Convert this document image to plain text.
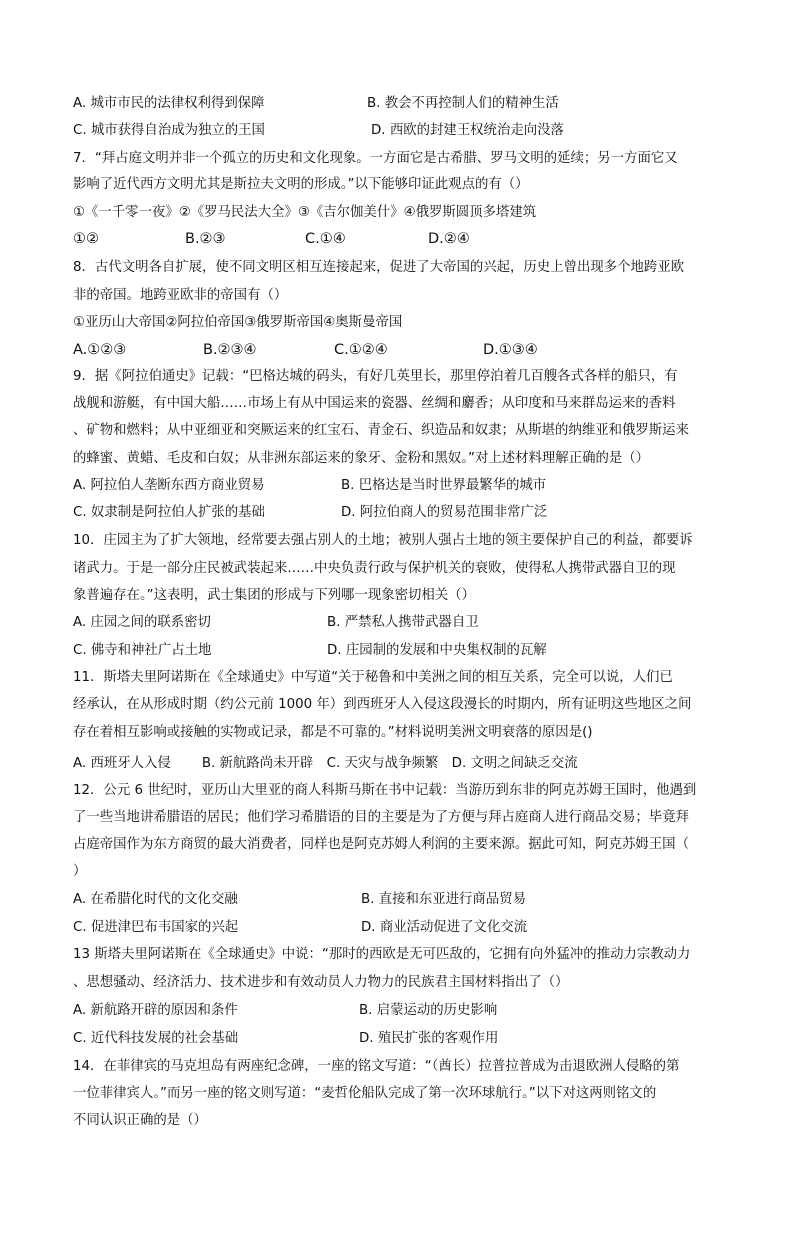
A. 城市市民的法律权利得到保障	B. 教会不再控制人们的精神生活
C. 城市获得自治成为独立的王国	D. 西欧的封建王权统治走向没落
7．“拜占庭文明并非一个孤立的历史和文化现象。一方面它是古希腊、罗马文明的延续；另一方面它又
影响了近代西方文明尤其是斯拉夫文明的形成。”以下能够印证此观点的有（）
①《一千零一夜》②《罗马民法大全》③《吉尔伽美什》④俄罗斯圆顶多塔建筑
①②	B.②③	C.①④	D.②④
8．古代文明各自扩展，使不同文明区相互连接起来，促进了大帝国的兴起，历史上曾出现多个地跨亚欧
非的帝国。地跨亚欧非的帝国有（）
①亚历山大帝国②阿拉伯帝国③俄罗斯帝国④奥斯曼帝国
A.①②③	B.②③④	C.①②④	D.①③④
9．据《阿拉伯通史》记载：“巴格达城的码头，有好几英里长，那里停泊着几百艘各式各样的船只，有
战舰和游艇，有中国大船……市场上有从中国运来的瓷器、丝绸和麝香；从印度和马来群岛运来的香料
、矿物和燃料；从中亚细亚和突厥运来的红宝石、青金石、织造品和奴隶；从斯堪的纳维亚和俄罗斯运来
的蜂蜜、黄蜡、毛皮和白奴；从非洲东部运来的象牙、金粉和黑奴。”对上述材料理解正确的是（）
A. 阿拉伯人垄断东西方商业贸易	B. 巴格达是当时世界最繁华的城市
C. 奴隶制是阿拉伯人扩张的基础	D. 阿拉伯商人的贸易范围非常广泛
10．庄园主为了扩大领地，经常要去强占别人的土地；被别人强占土地的领主要保护自己的利益，都要诉
诸武力。于是一部分庄民被武装起来……中央负责行政与保护机关的衰败，使得私人携带武器自卫的现
象普遍存在。”这表明，武士集团的形成与下列哪一现象密切相关（）
A. 庄园之间的联系密切	B. 严禁私人携带武器自卫
C. 佛寺和神社广占土地	D. 庄园制的发展和中央集权制的瓦解
11．斯塔夫里阿诺斯在《全球通史》中写道“关于秘鲁和中美洲之间的相互关系，完全可以说，人们已
经承认，在从形成时期（约公元前 1000 年）到西班牙人入侵这段漫长的时期内，所有证明这些地区之间
存在着相互影响或接触的实物或记录，都是不可靠的。”材料说明美洲文明衰落的原因是()
A. 西班牙人入侵　　 B. 新航路尚未开辟　C. 天灾与战争频繁　D. 文明之间缺乏交流
12．公元 6 世纪时，亚历山大里亚的商人科斯马斯在书中记载：当游历到东非的阿克苏姆王国时，他遇到
了一些当地讲希腊语的居民；他们学习希腊语的目的主要是为了方便与拜占庭商人进行商品交易；毕竟拜
占庭帝国作为东方商贸的最大消费者，同样也是阿克苏姆人利润的主要来源。据此可知，阿克苏姆王国（
）
A. 在希腊化时代的文化交融	B. 直接和东亚进行商品贸易
C. 促进津巴布韦国家的兴起	D. 商业活动促进了文化交流
13 斯塔夫里阿诺斯在《全球通史》中说：“那时的西欧是无可匹敌的，它拥有向外猛冲的推动力宗教动力
、思想骚动、经济活力、技术进步和有效动员人力物力的民族君主国材料指出了（）
A. 新航路开辟的原因和条件	B. 启蒙运动的历史影响
C. 近代科技发展的社会基础	D. 殖民扩张的客观作用
14．在菲律宾的马克坦岛有两座纪念碑，一座的铭文写道：“（酋长）拉普拉普成为击退欧洲人侵略的第
一位菲律宾人。”而另一座的铭文则写道：“麦哲伦船队完成了第一次环球航行。”以下对这两则铭文的
不同认识正确的是（）
